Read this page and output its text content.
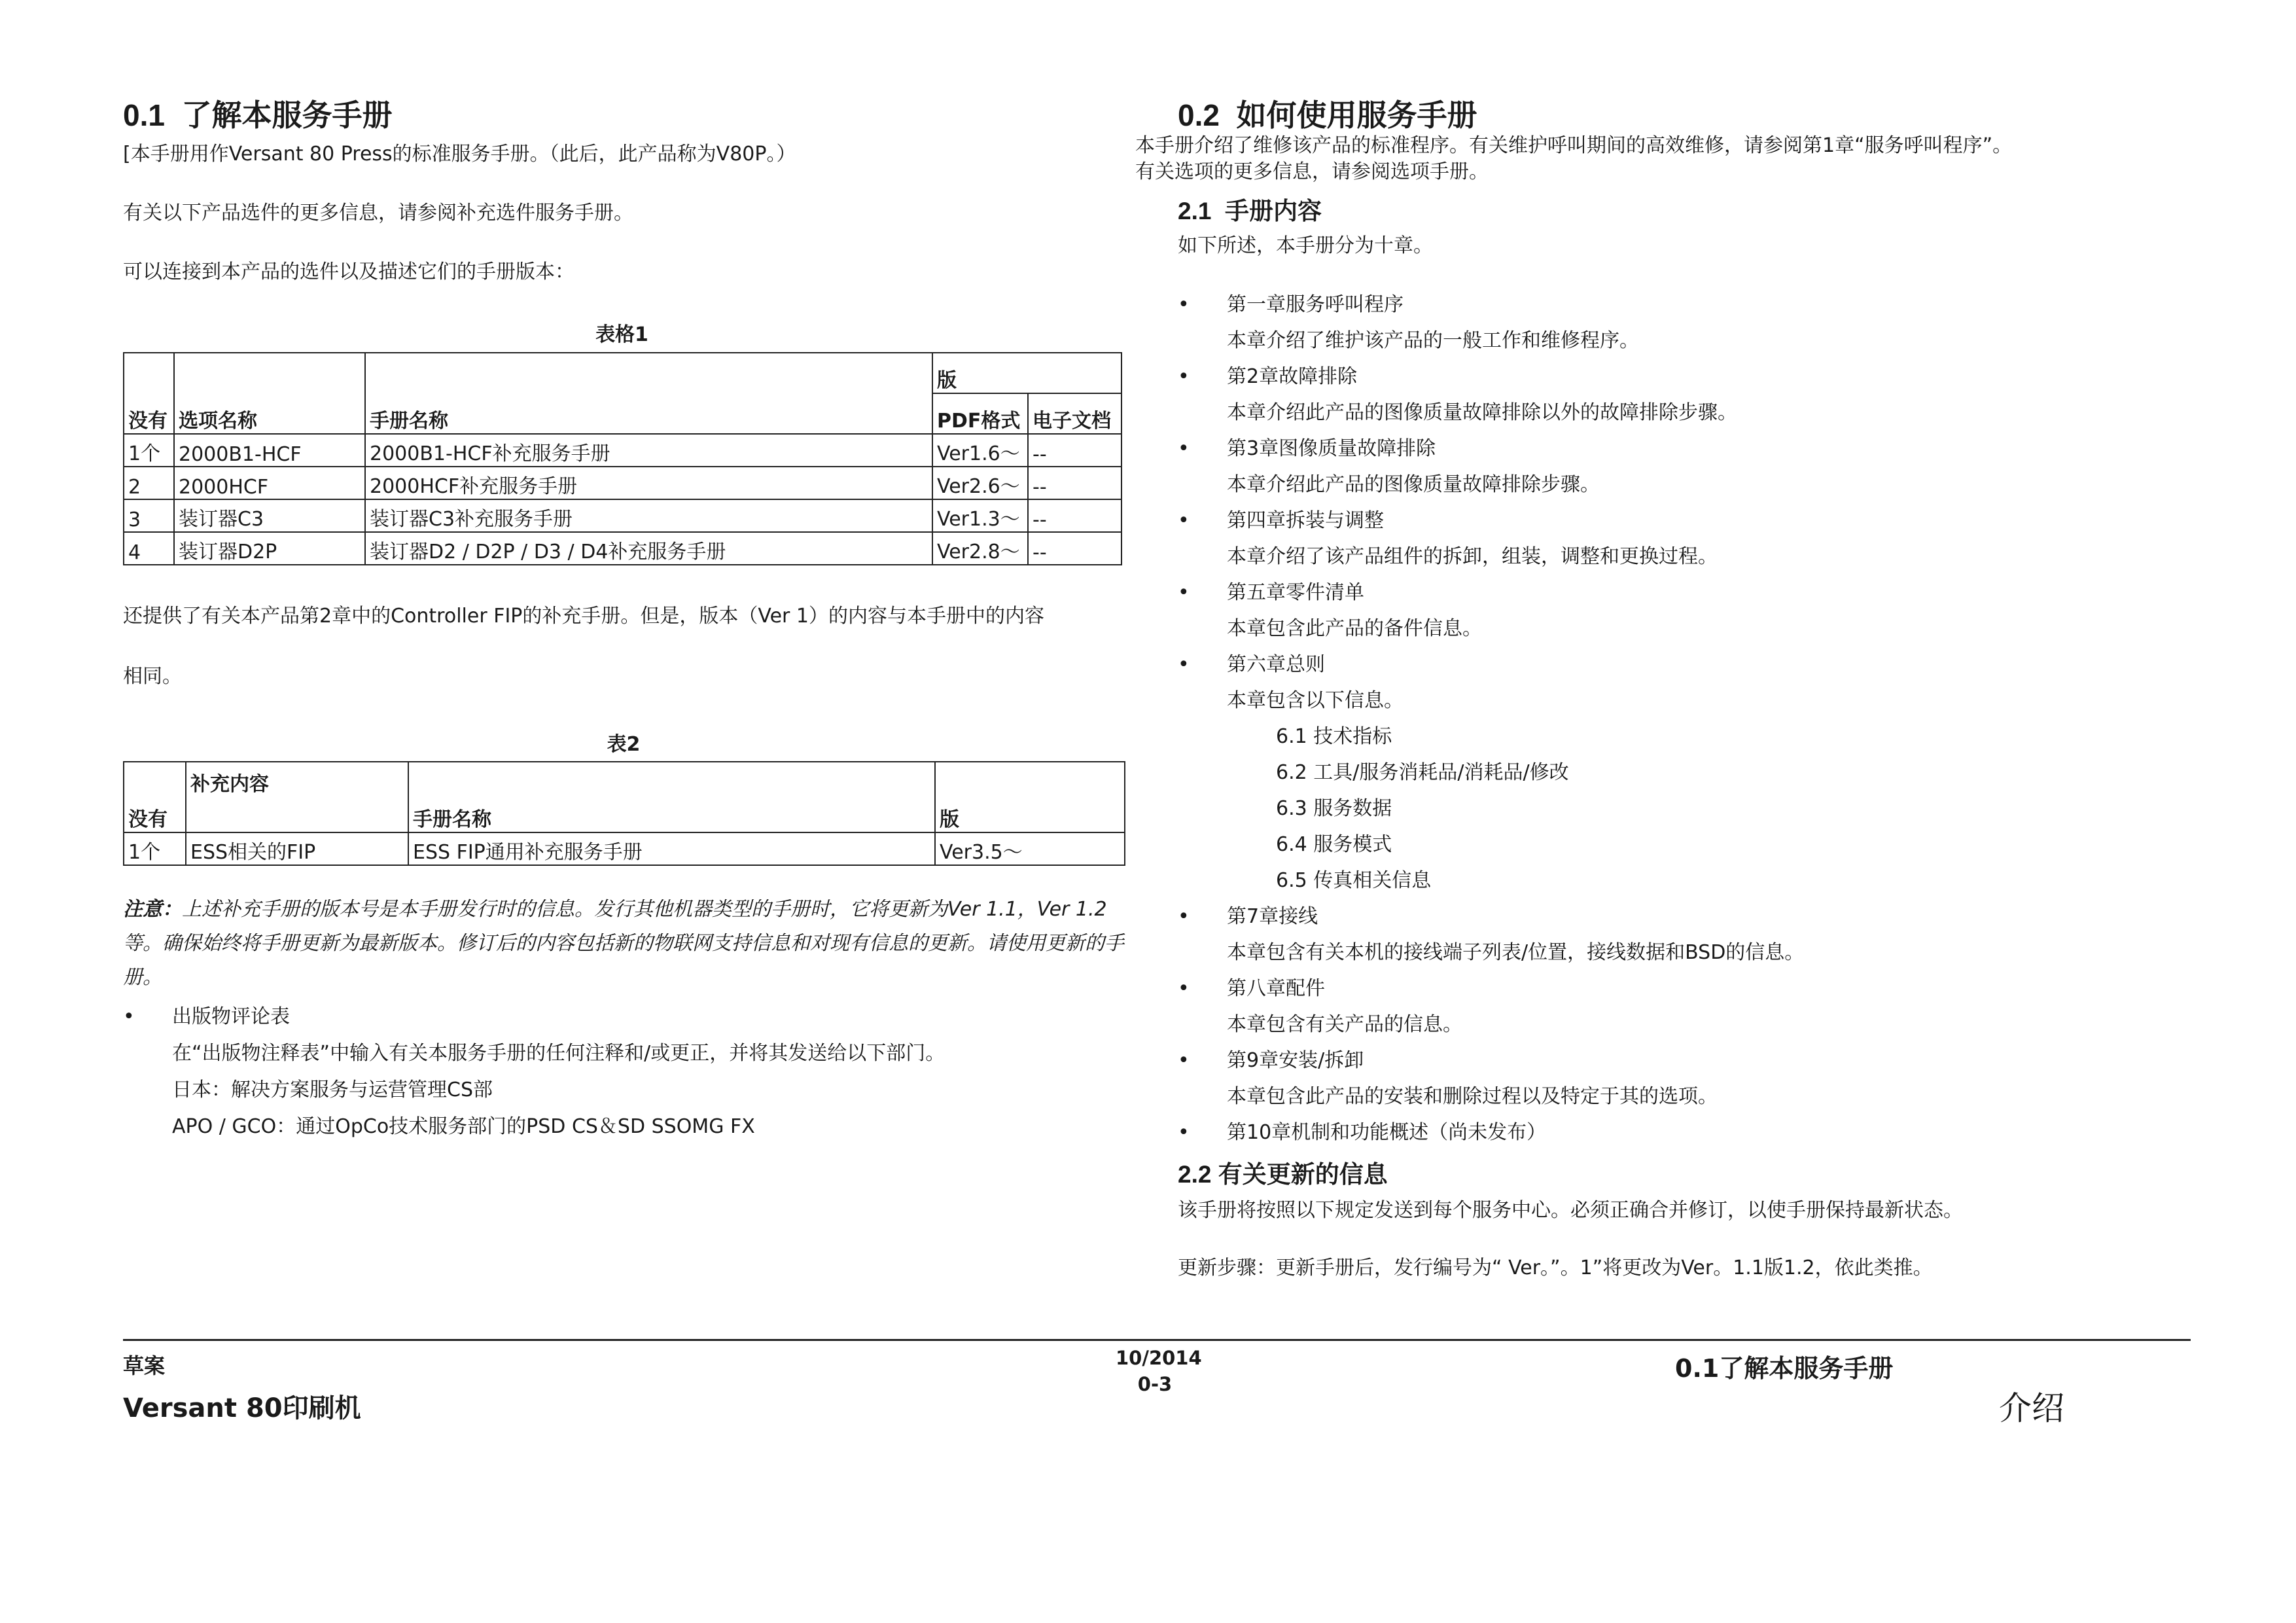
0.1 了解本服务手册
[本手册用作Versant 80 Press的标准服务手册。（此后，此产品称为V80P。）
有关以下产品选件的更多信息，请参阅补充选件服务手册。
可以连接到本产品的选件以及描述它们的手册版本：
表格1
没有	选项名称	手册名称	版	
			PDF格式	电子文档
1个	2000B1-HCF	2000B1-HCF补充服务手册	Ver1.6～	--
2	2000HCF	2000HCF补充服务手册	Ver2.6～	--
3	装订器C3	装订器C3补充服务手册	Ver1.3～	--
4	装订器D2P	装订器D2 / D2P / D3 / D4补充服务手册	Ver2.8～	--
还提供了有关本产品第2章中的Controller FIP的补充手册。但是，版本（Ver 1）的内容与本手册中的内容
相同。
表2
没有	补充内容	手册名称	版
1个	ESS相关的FIP	ESS FIP通用补充服务手册	Ver3.5～
注意：上述补充手册的版本号是本手册发行时的信息。发行其他机器类型的手册时，它将更新为Ver 1.1，Ver 1.2等。确保始终将手册更新为最新版本。修订后的内容包括新的物联网支持信息和对现有信息的更新。请使用更新的手册。
• 出版物评论表
在“出版物注释表”中输入有关本服务手册的任何注释和/或更正，并将其发送给以下部门。
日本：解决方案服务与运营管理CS部
APO / GCO：通过OpCo技术服务部门的PSD CS＆SD SSOMG FX
0.2 如何使用服务手册
本手册介绍了维修该产品的标准程序。有关维护呼叫期间的高效维修，请参阅第1章“服务呼叫程序”。
有关选项的更多信息，请参阅选项手册。
2.1 手册内容
如下所述，本手册分为十章。
• 第一章服务呼叫程序
本章介绍了维护该产品的一般工作和维修程序。
• 第2章故障排除
本章介绍此产品的图像质量故障排除以外的故障排除步骤。
• 第3章图像质量故障排除
本章介绍此产品的图像质量故障排除步骤。
• 第四章拆装与调整
本章介绍了该产品组件的拆卸，组装，调整和更换过程。
• 第五章零件清单
本章包含此产品的备件信息。
• 第六章总则
本章包含以下信息。
6.1 技术指标
6.2 工具/服务消耗品/消耗品/修改
6.3 服务数据
6.4 服务模式
6.5 传真相关信息
• 第7章接线
本章包含有关本机的接线端子列表/位置，接线数据和BSD的信息。
• 第八章配件
本章包含有关产品的信息。
• 第9章安装/拆卸
本章包含此产品的安装和删除过程以及特定于其的选项。
• 第10章机制和功能概述（尚未发布）
2.2 有关更新的信息
该手册将按照以下规定发送到每个服务中心。必须正确合并修订，以使手册保持最新状态。
更新步骤：更新手册后，发行编号为“ Ver。”。1”将更改为Ver。1.1版1.2，依此类推。
草案
Versant 80印刷机
10/2014
0-3
0.1了解本服务手册
介绍
